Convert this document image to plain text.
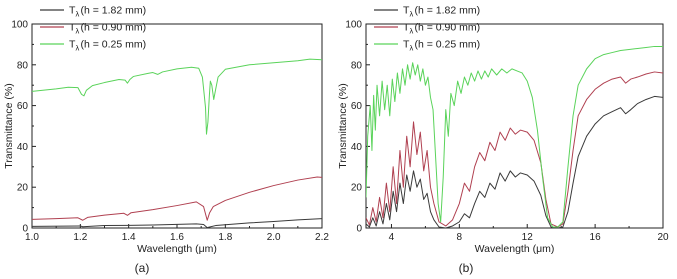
0
20
40
60
80
100
1.0	1.2	1.4	1.6	1.8	2.0	2.2
Wavelength (μm)
Transmittance (%)
(a)
T λ (h = 1.82 mm)
T λ (h = 0.90 mm)
T λ (h = 0.25 mm)
0
20
40
60
80
100
4	8	12	16	20
Wavelength (μm)
Transmittance (%)
(b)
T λ (h = 1.82 mm)
T λ (h = 0.90 mm)
T λ (h = 0.25 mm)
